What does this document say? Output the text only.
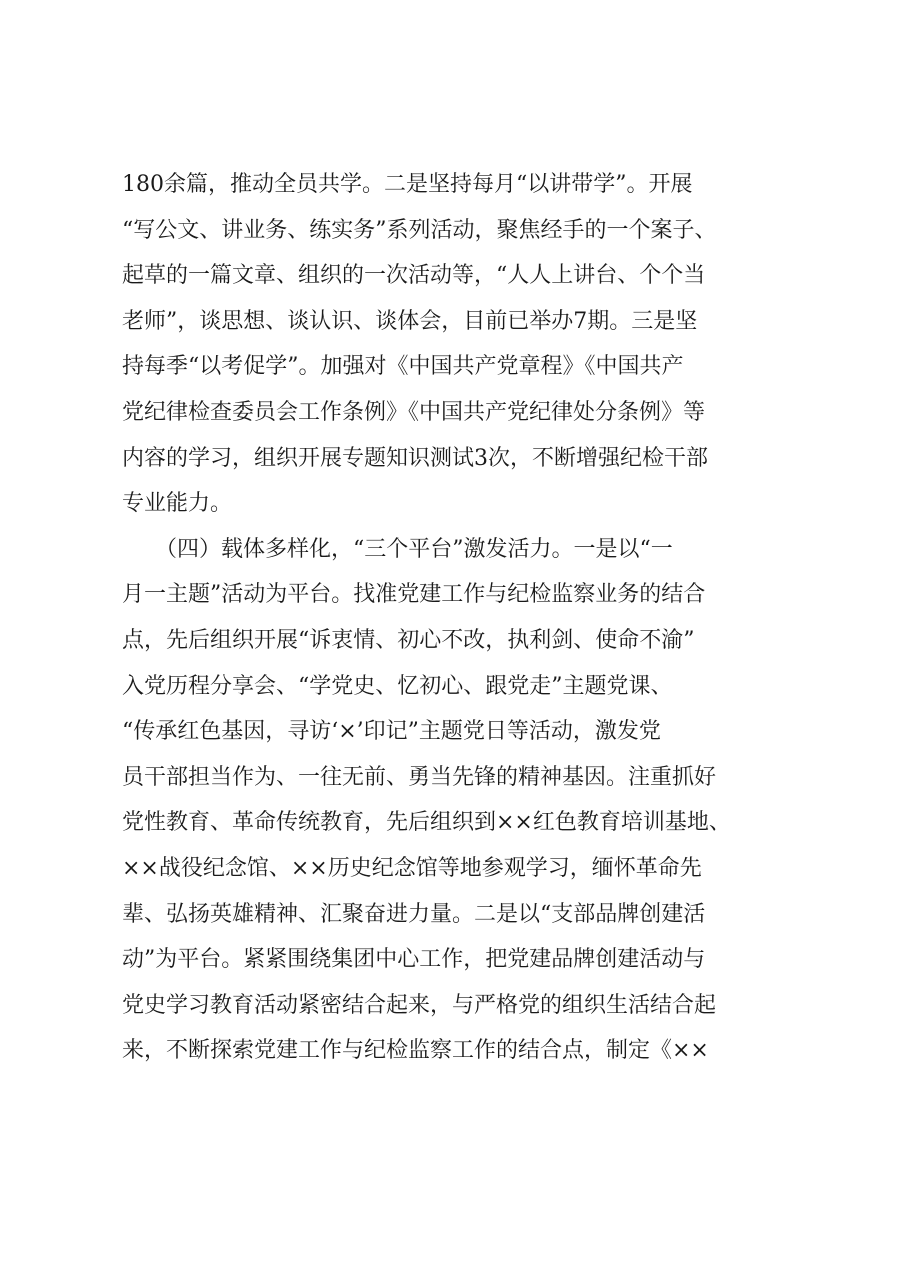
180余篇，推动全员共学。二是坚持每月“以讲带学”。开展
“写公文、讲业务、练实务”系列活动，聚焦经手的一个案子、
起草的一篇文章、组织的一次活动等，“人人上讲台、个个当
老师”，谈思想、谈认识、谈体会，目前已举办7期。三是坚
持每季“以考促学”。加强对《中国共产党章程》《中国共产
党纪律检查委员会工作条例》《中国共产党纪律处分条例》等
内容的学习，组织开展专题知识测试3次，不断增强纪检干部
专业能力。
　　（四）载体多样化，“三个平台”激发活力。一是以“一
月一主题”活动为平台。找准党建工作与纪检监察业务的结合
点，先后组织开展“诉衷情、初心不改，执利剑、使命不渝”
入党历程分享会、“学党史、忆初心、跟党走”主题党课、
“传承红色基因，寻访‘×’印记”主题党日等活动，激发党
员干部担当作为、一往无前、勇当先锋的精神基因。注重抓好
党性教育、革命传统教育，先后组织到××红色教育培训基地、
××战役纪念馆、××历史纪念馆等地参观学习，缅怀革命先
辈、弘扬英雄精神、汇聚奋进力量。二是以“支部品牌创建活
动”为平台。紧紧围绕集团中心工作，把党建品牌创建活动与
党史学习教育活动紧密结合起来，与严格党的组织生活结合起
来，不断探索党建工作与纪检监察工作的结合点，制定《××
